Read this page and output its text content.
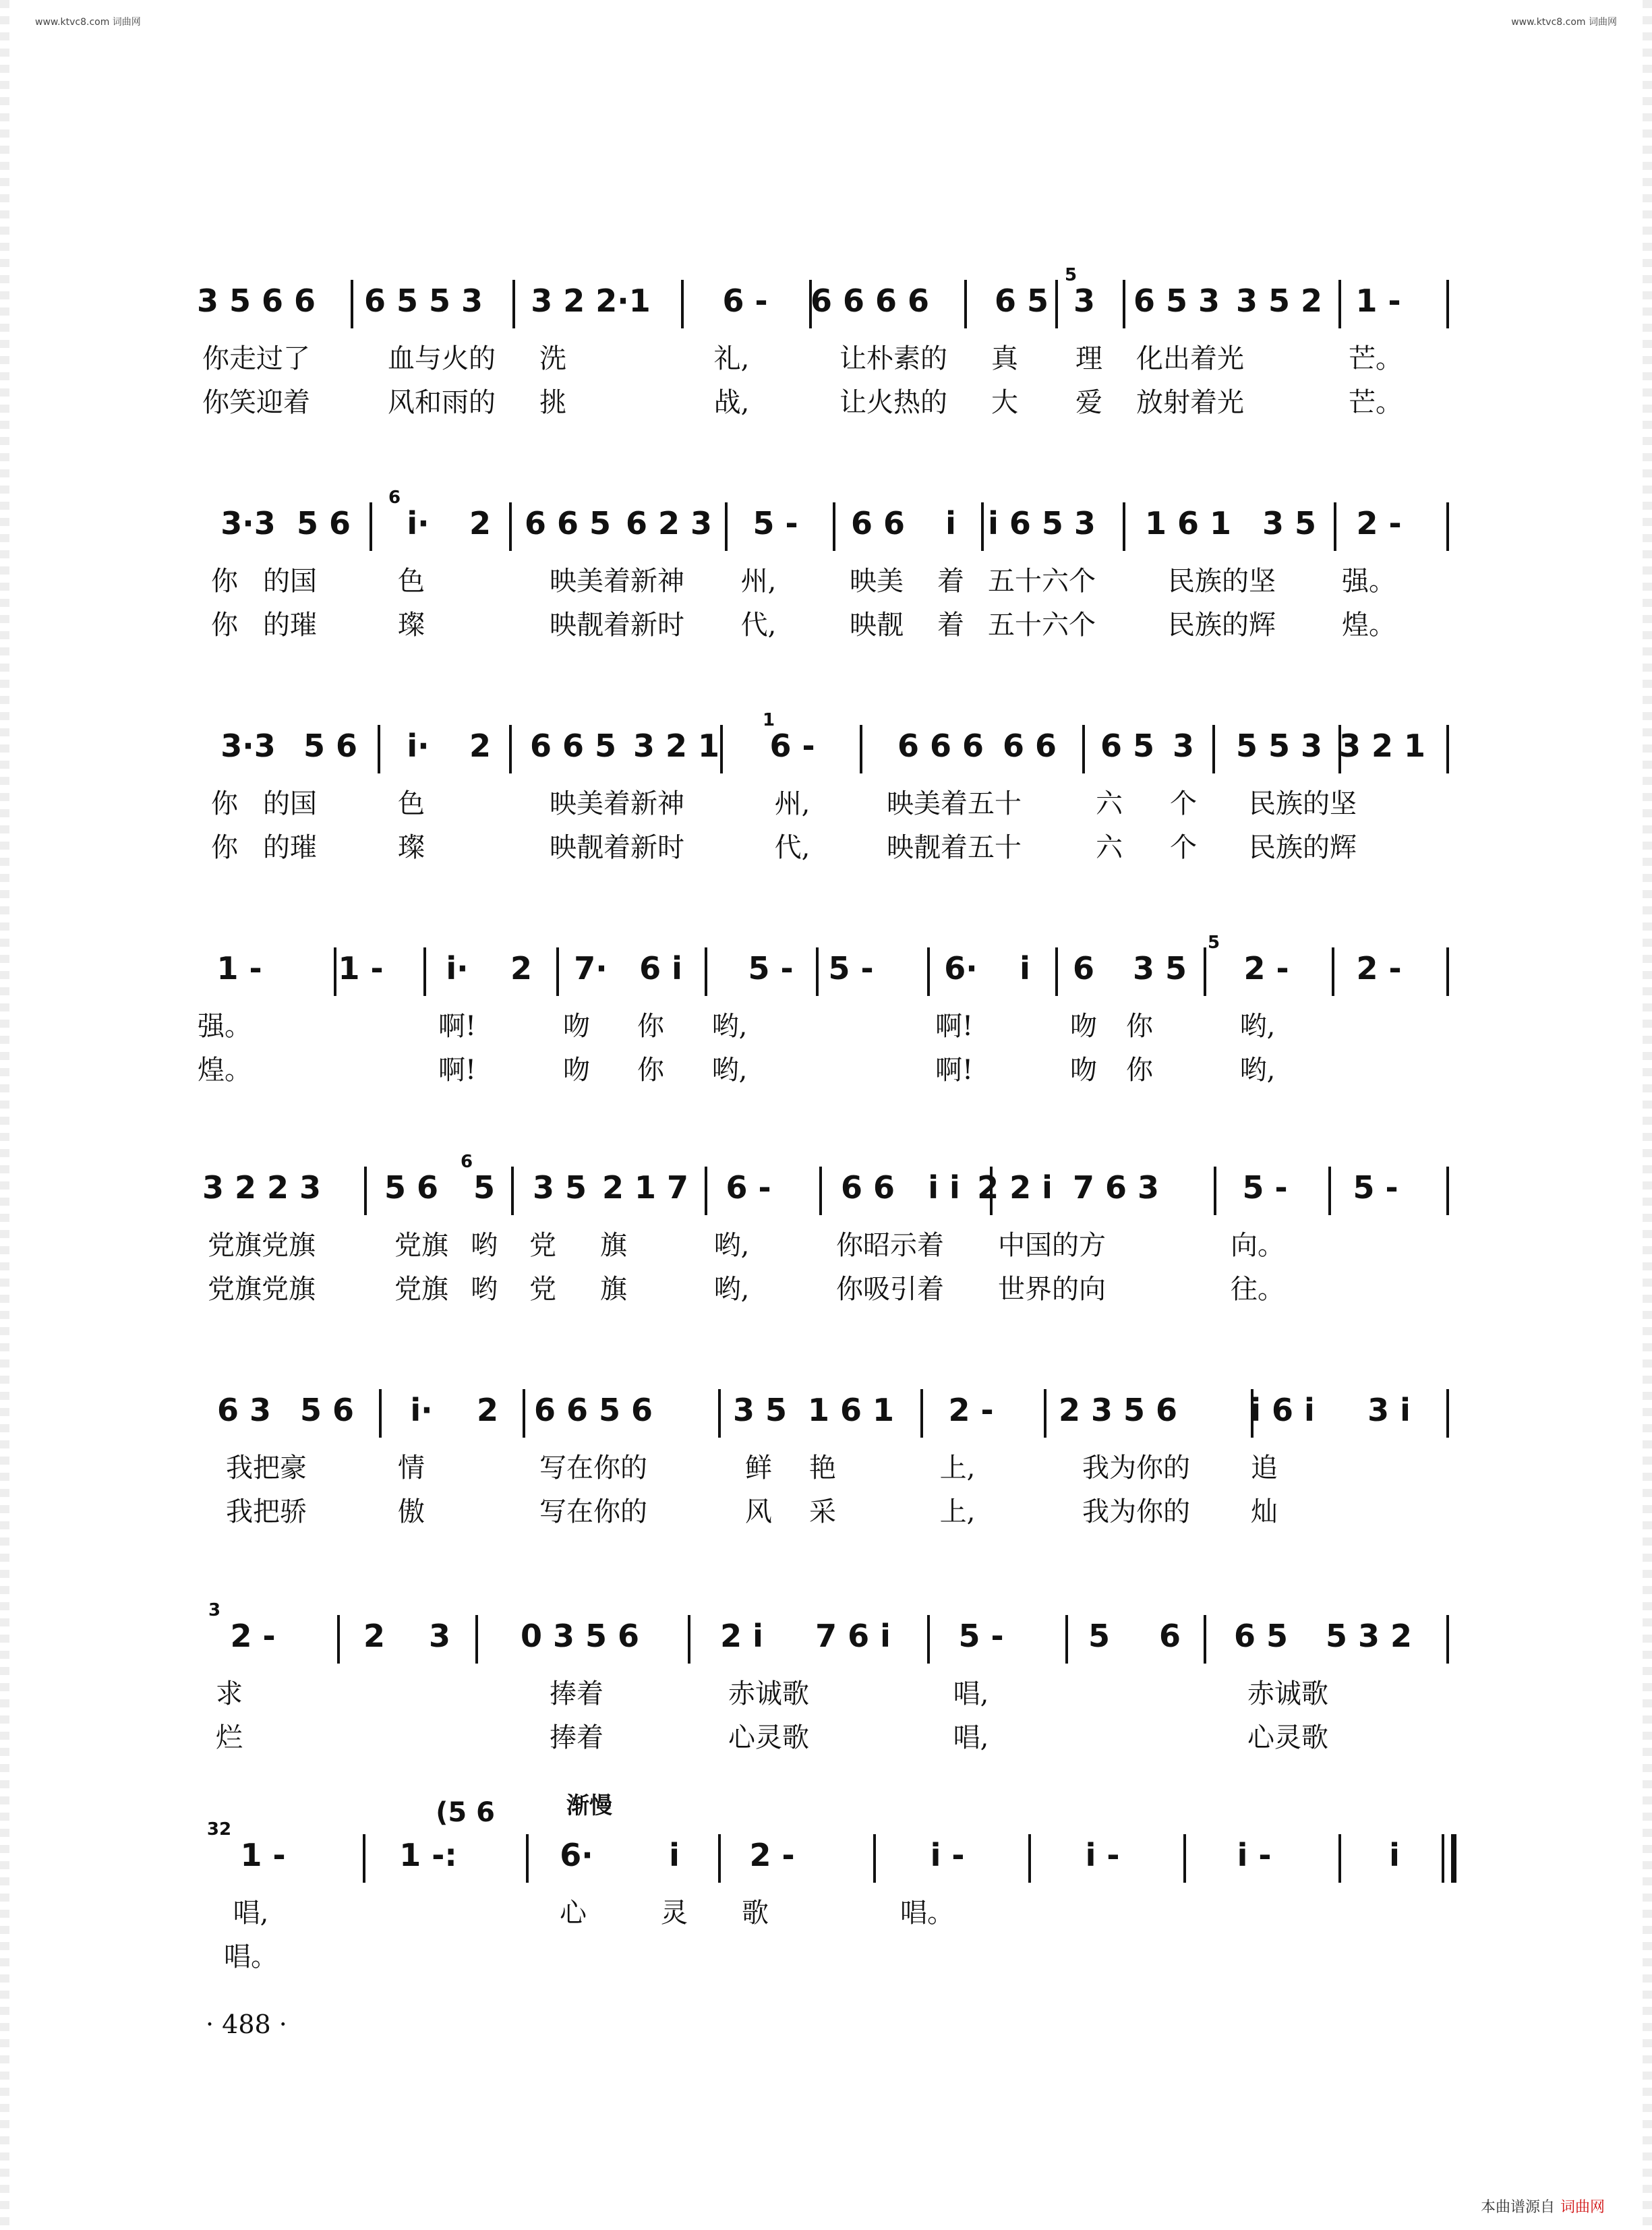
www.ktvc8.com 词曲网	www.ktvc8.com 词曲网
3 5 6 6 6 5 5 3 3 2 2·1 6 - 6 6 6 6 6 5 3 6 5 3 3 5 2 1 -
5
你走过了	血与火的 洗	礼,	让朴素的 真 理 化出着光	芒。
你笑迎着	风和雨的 挑	战,	让火热的 大 爱 放射着光	芒。
3·3 5 6 i· 2 6 6 5 6 2 3 5 - 6 6 i i 6 5 3 1 6 1 3 5 2 -
6
你 的国	色	映美着新神 州,	映美 着 五十六个	民族的坚 强。
你 的璀	璨	映靓着新时 代,	映靓 着 五十六个	民族的辉 煌。
3·3 5 6 i· 2 6 6 5 3 2 1 6 -	6 6 6 6 6 6 5 3 5 5 3 3 2 1
1
你 的国	色	映美着新神	州,	映美着五十	六 个 民族的坚
你 的璀	璨	映靓着新时	代,	映靓着五十	六 个 民族的辉
1 - 1 - i· 2 7· 6 i 5 - 5 - 6· i 6 3 5 2 - 2 -
5
强。	啊!	吻 你 哟,	啊!	吻 你	哟,
煌。	啊!	吻 你 哟,	啊!	吻 你	哟,
3 2 2 3 5 6 5 3 5 2 1 7 6 - 6 6 i i 2 2 i 7 6 3	5 - 5 -
6
党旗党旗	党旗 哟 党 旗	哟,	你昭示着 中国的方	向。
党旗党旗	党旗 哟 党 旗	哟,	你吸引着 世界的向	往。
6 3 5 6 i· 2 6 6 5 6	3 5 1 6 1 2 - 2 3 5 6 i 6 i 3 i
我把豪	情	写在你的	鲜 艳	上,	我为你的 追
我把骄	傲	写在你的	风 采	上,	我为你的 灿
2 -	2 3 0 3 5 6	2 i 7 6 i 5 -	5 6 6 5 5 3 2
3
求	捧着	赤诚歌	唱,	赤诚歌
烂	捧着	心灵歌	唱,	心灵歌
渐慢
1 -	1 -:	6· i 2 -	i -	i -	i -	i
32
(5 6
唱,	心	灵 歌	唱。
唱。
· 488 ·
本曲谱源自 词曲网
